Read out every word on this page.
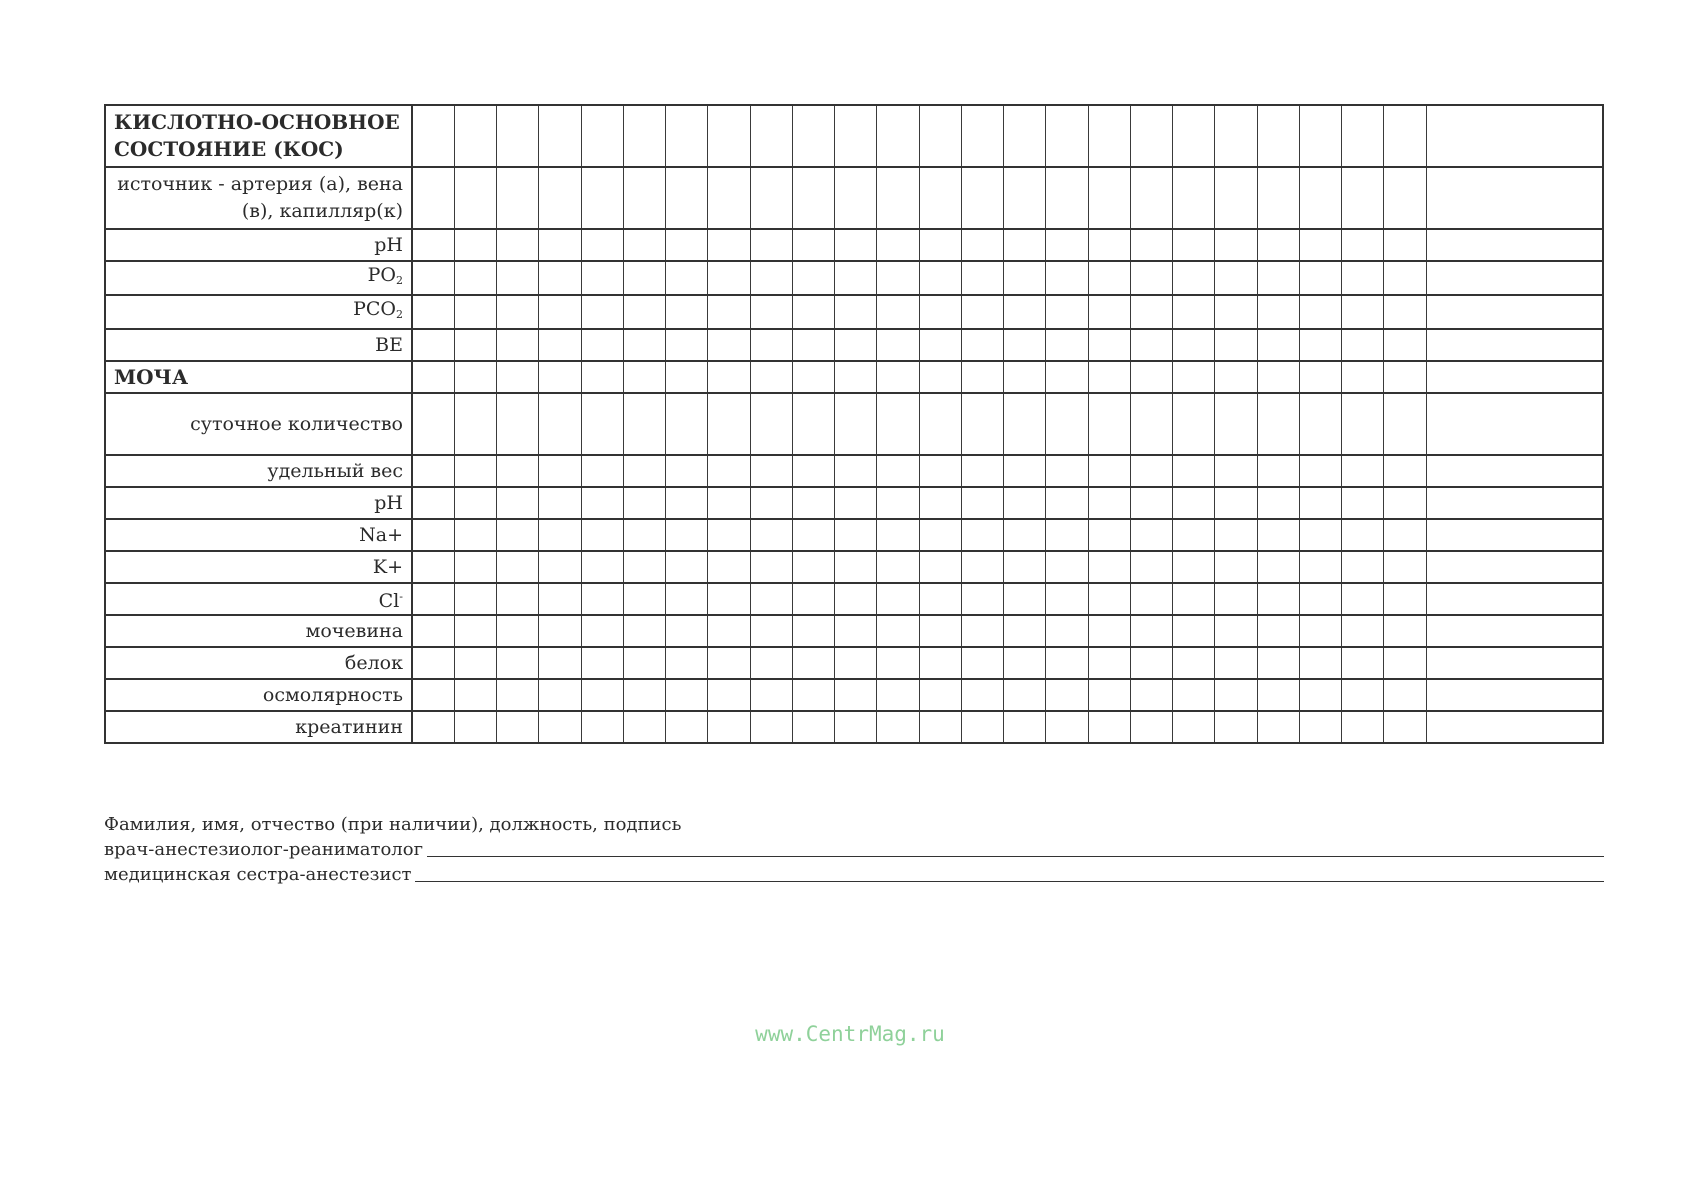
КИСЛОТНО-ОСНОВНОЕ СОСТОЯНИЕ (КОС)																									
источник - артерия (а), вена (в), капилляр(к)																									
pH																									
$PO_2$																									
$PCO_2$																									
BE																									
МОЧА																									
суточное количество																									
удельный вес																									
pH																									
Na+																									
K+																									
Cl-																									
мочевина																									
белок																									
осмолярность																									
креатинин																									
Фамилия, имя, отчество (при наличии), должность, подпись
врач-анестезиолог-реаниматолог
медицинская сестра-анестезист
www.CentrMag.ru
